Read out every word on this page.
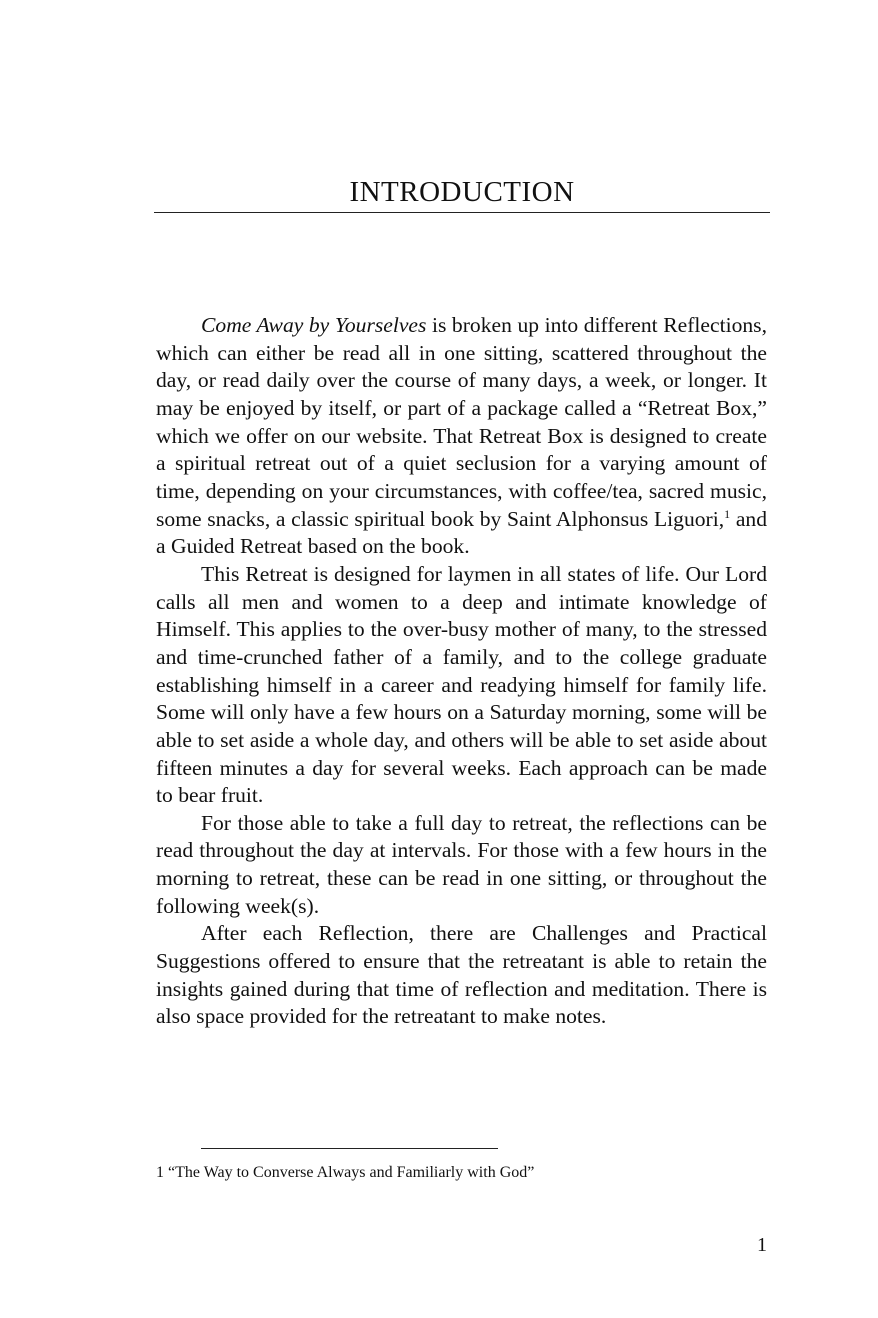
INTRODUCTION

Come Away by Yourselves is broken up into different Reflections, which can either be read all in one sitting, scattered throughout the day, or read daily over the course of many days, a week, or longer. It may be enjoyed by itself, or part of a package called a “Retreat Box,” which we offer on our website. That Retreat Box is designed to create a spiritual retreat out of a quiet seclusion for a varying amount of time, depending on your circumstances, with coffee/tea, sacred music, some snacks, a classic spiritual book by Saint Alphonsus Liguori,$^1$ and a Guided Retreat based on the book.

This Retreat is designed for laymen in all states of life. Our Lord calls all men and women to a deep and intimate knowledge of Himself. This applies to the over-busy mother of many, to the stressed and time-crunched father of a family, and to the college graduate establishing himself in a career and readying himself for family life. Some will only have a few hours on a Saturday morning, some will be able to set aside a whole day, and others will be able to set aside about fifteen minutes a day for several weeks. Each approach can be made to bear fruit.

For those able to take a full day to retreat, the reflections can be read throughout the day at intervals. For those with a few hours in the morning to retreat, these can be read in one sitting, or throughout the following week(s).

After each Reflection, there are Challenges and Practical Suggestions offered to ensure that the retreatant is able to retain the insights gained during that time of reflection and meditation. There is also space provided for the retreatant to make notes.

1 “The Way to Converse Always and Familiarly with God”
1
